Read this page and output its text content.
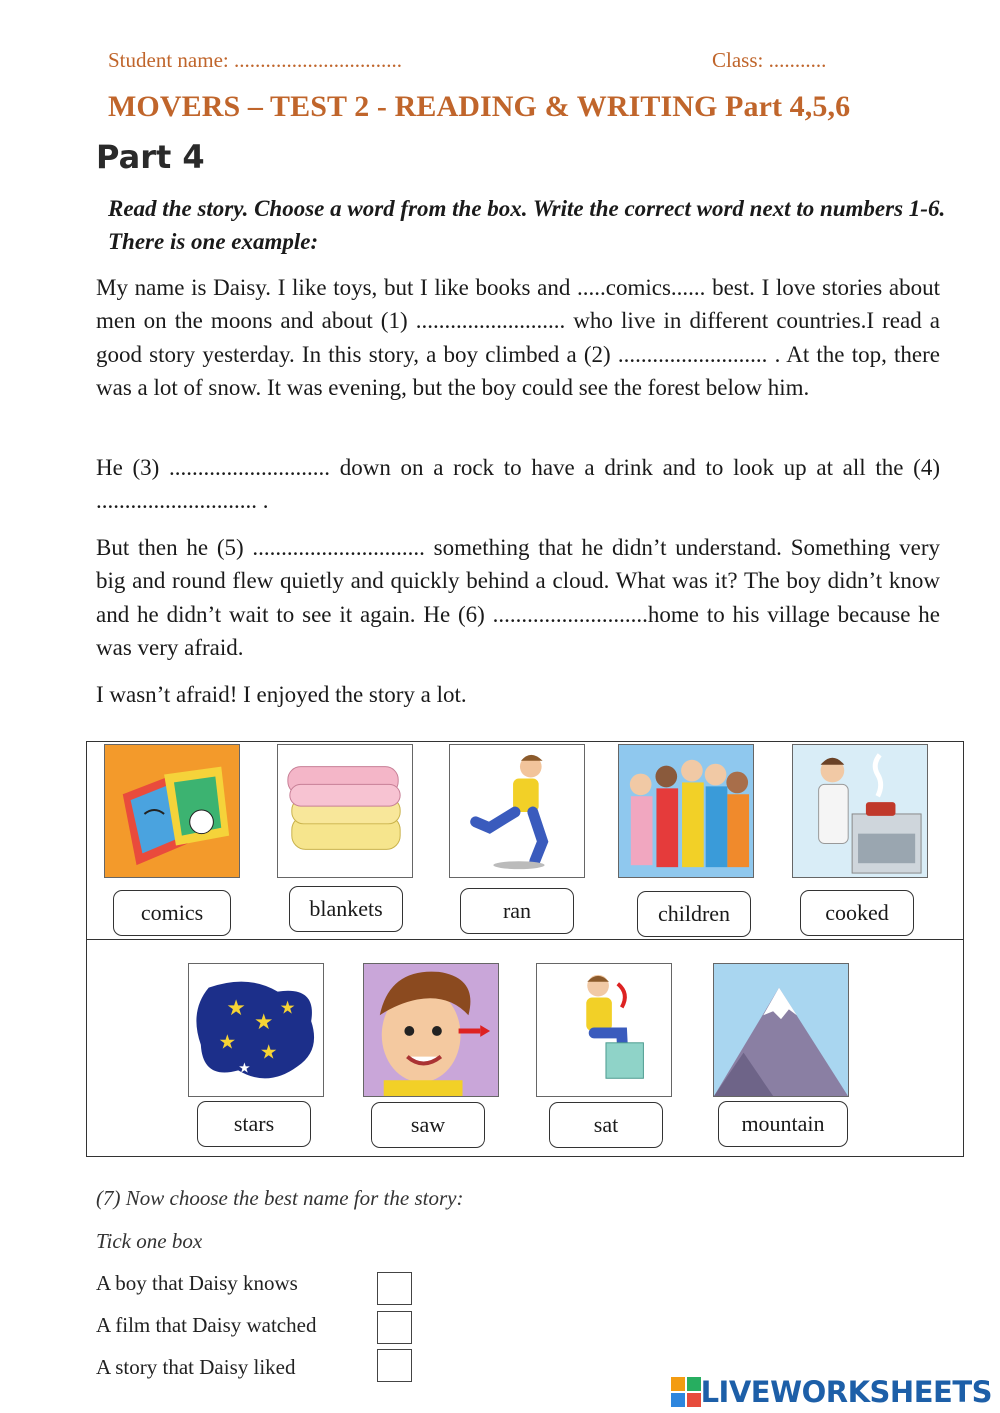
Student name: ................................	Class: ...........
MOVERS – TEST 2 - READING & WRITING Part 4,5,6
Part 4
Read the story. Choose a word from the box. Write the correct word next to numbers 1-6. There is one example:

My name is Daisy. I like toys, but I like books and .....comics...... best. I love stories about men on the moons and about (1) .......................... who live in different countries.I read a good story yesterday. In this story, a boy climbed a (2) .......................... . At the top, there was a lot of snow. It was evening, but the boy could see the forest below him.

He (3) ............................ down on a rock to have a drink and to look up at all the (4) ............................ .

But then he (5) .............................. something that he didn’t understand. Something very big and round flew quietly and quickly behind a cloud. What was it? The boy didn’t know and he didn’t wait to see it again. He (6) ...........................home to his village because he was very afraid.

I wasn’t afraid! I enjoyed the story a lot.

comics	blankets	ran	children	cooked
★
★
★
★ ★
★
stars	saw	sat	mountain
(7) Now choose the best name for the story:
Tick one box
A boy that Daisy knows
A film that Daisy watched
A story that Daisy liked
LIVEWORKSHEETS
